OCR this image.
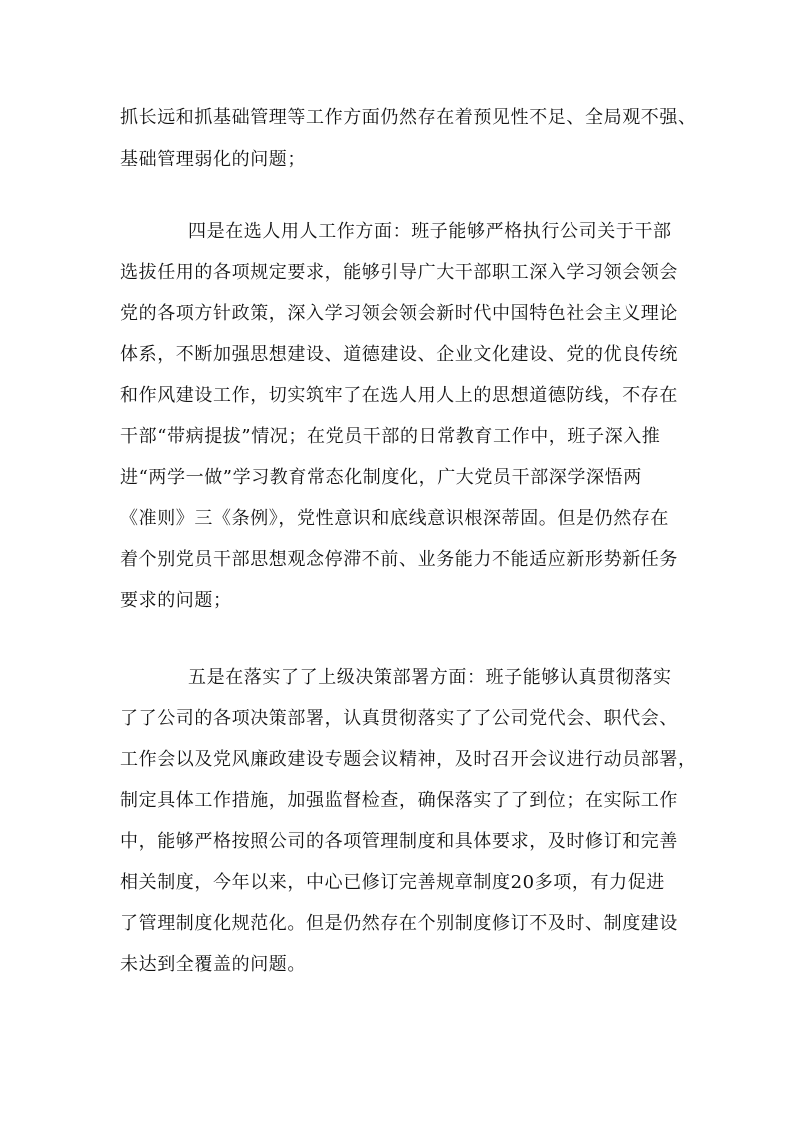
抓长远和抓基础管理等工作方面仍然存在着预见性不足、全局观不强、
基础管理弱化的问题；
四是在选人用人工作方面：班子能够严格执行公司关于干部
选拔任用的各项规定要求，能够引导广大干部职工深入学习领会领会
党的各项方针政策，深入学习领会领会新时代中国特色社会主义理论
体系，不断加强思想建设、道德建设、企业文化建设、党的优良传统
和作风建设工作，切实筑牢了在选人用人上的思想道德防线，不存在
干部“带病提拔”情况；在党员干部的日常教育工作中，班子深入推
进“两学一做”学习教育常态化制度化，广大党员干部深学深悟两
《准则》三《条例》，党性意识和底线意识根深蒂固。但是仍然存在
着个别党员干部思想观念停滞不前、业务能力不能适应新形势新任务
要求的问题；
五是在落实了了上级决策部署方面：班子能够认真贯彻落实
了了公司的各项决策部署，认真贯彻落实了了公司党代会、职代会、
工作会以及党风廉政建设专题会议精神，及时召开会议进行动员部署，
制定具体工作措施，加强监督检查，确保落实了了到位；在实际工作
中，能够严格按照公司的各项管理制度和具体要求，及时修订和完善
相关制度，今年以来，中心已修订完善规章制度20多项，有力促进
了管理制度化规范化。但是仍然存在个别制度修订不及时、制度建设
未达到全覆盖的问题。
